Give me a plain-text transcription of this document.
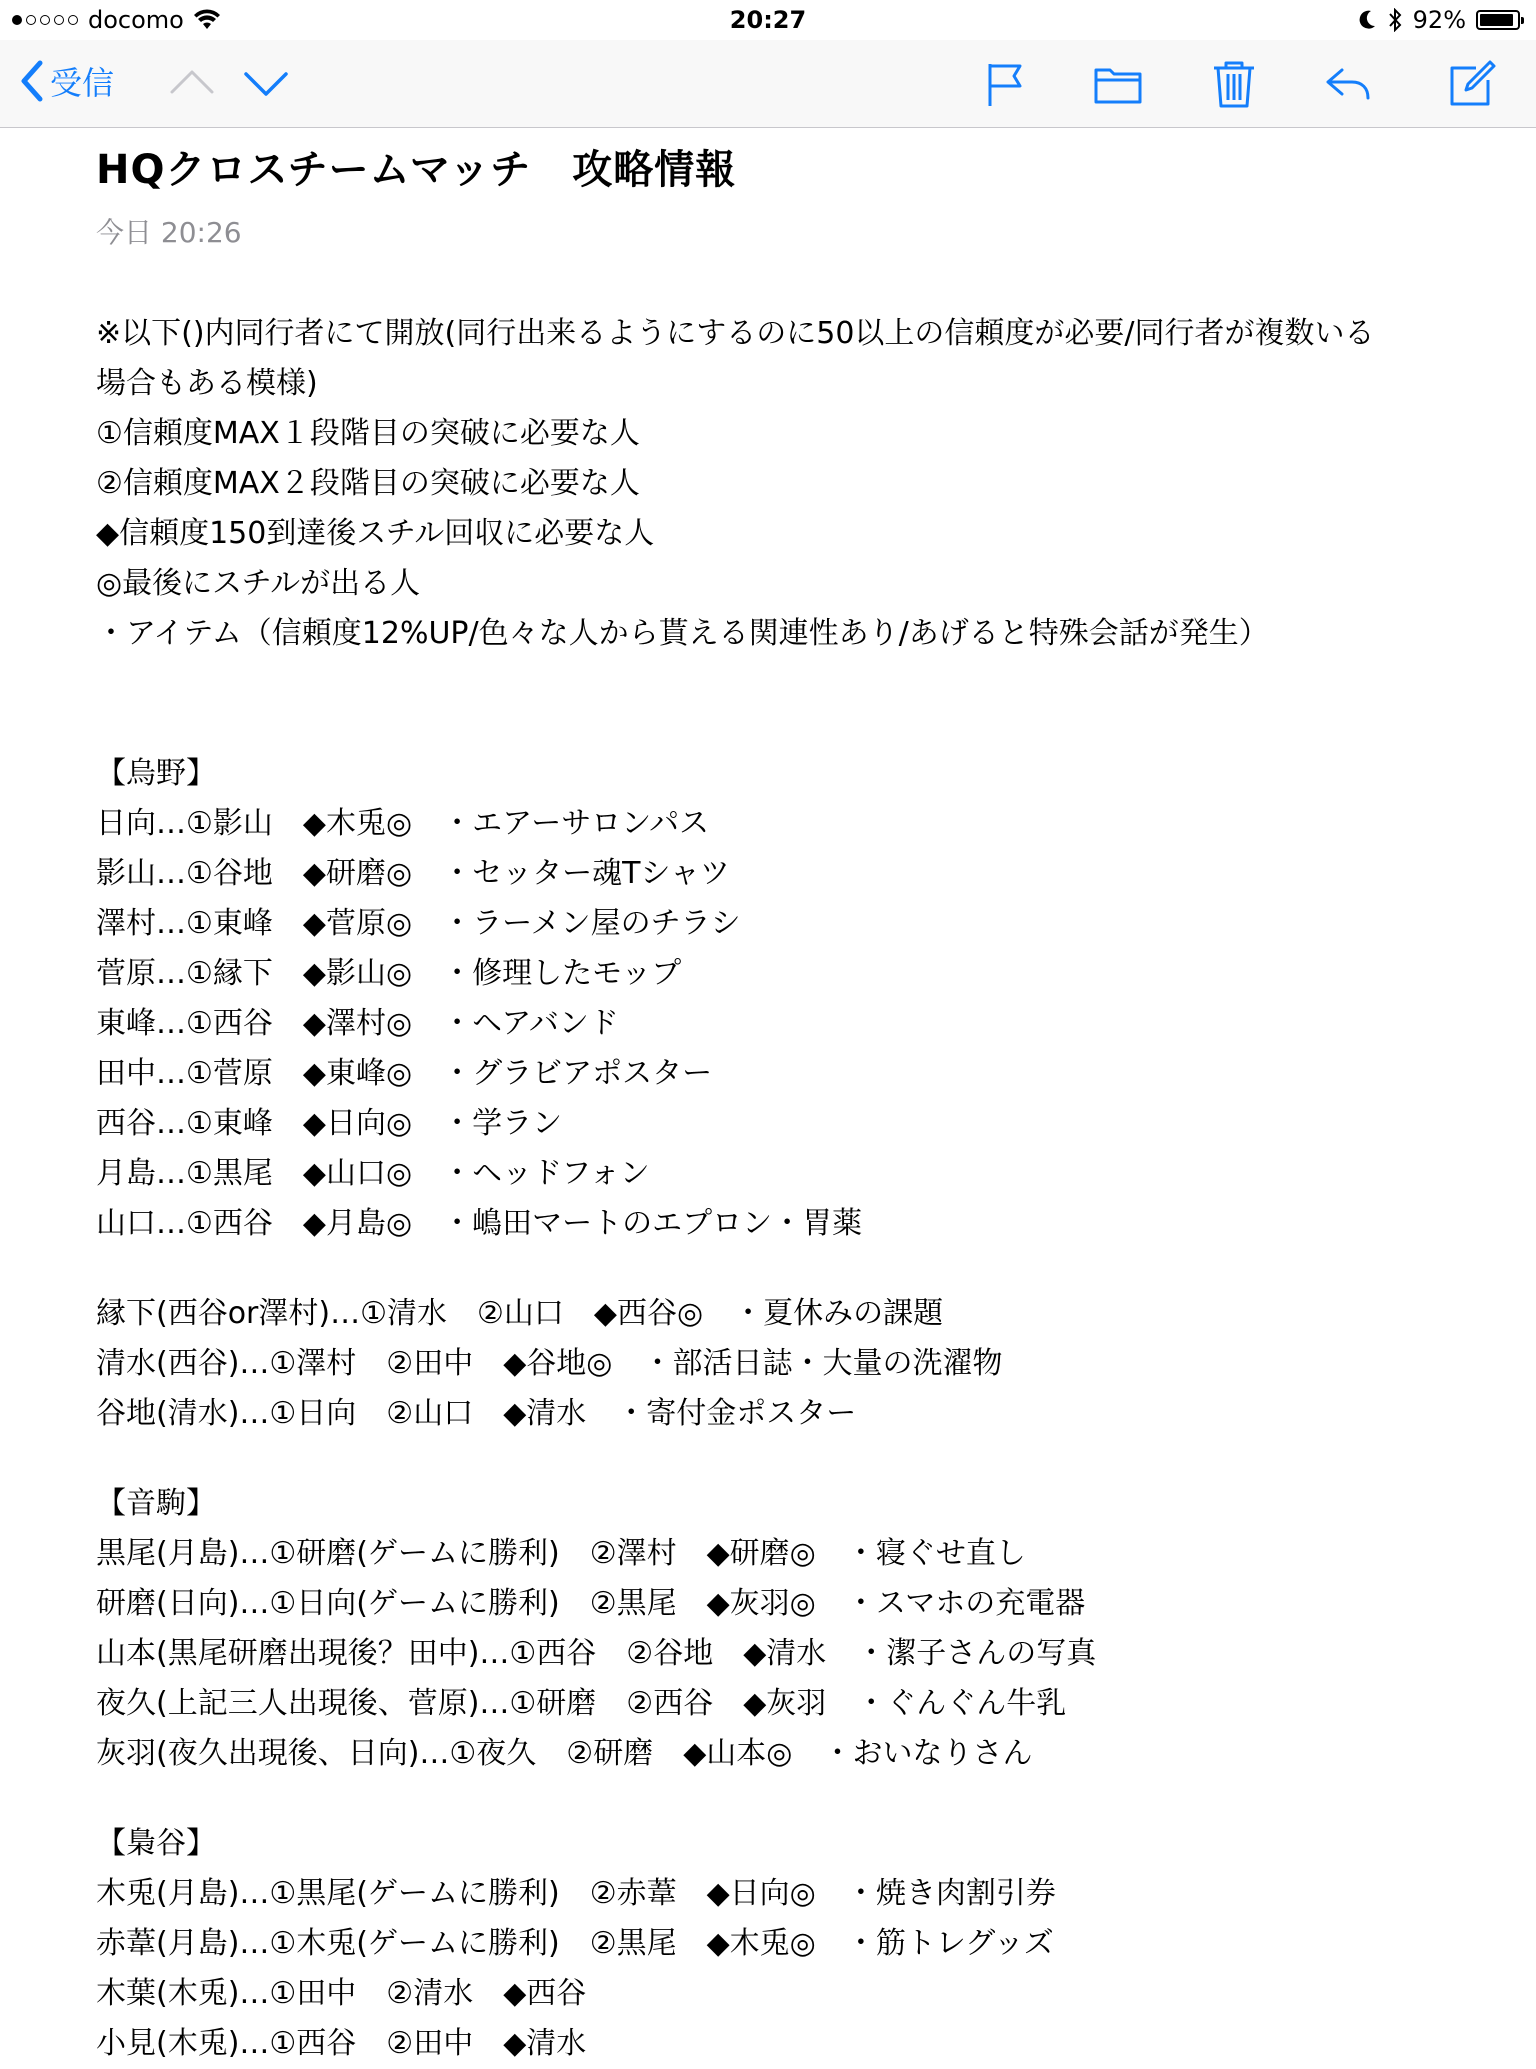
docomo	20:27	92%
受信
HQクロスチームマッチ　攻略情報
今日 20:26
※以下()内同行者にて開放(同行出来るようにするのに50以上の信頼度が必要/同行者が複数いる
場合もある模様)
①信頼度MAX１段階目の突破に必要な人
②信頼度MAX２段階目の突破に必要な人
◆信頼度150到達後スチル回収に必要な人
◎最後にスチルが出る人
・アイテム（信頼度12%UP/色々な人から貰える関連性あり/あげると特殊会話が発生）
【烏野】
日向…①影山　◆木兎◎　・エアーサロンパス
影山…①谷地　◆研磨◎　・セッター魂Tシャツ
澤村…①東峰　◆菅原◎　・ラーメン屋のチラシ
菅原…①縁下　◆影山◎　・修理したモップ
東峰…①西谷　◆澤村◎　・ヘアバンド
田中…①菅原　◆東峰◎　・グラビアポスター
西谷…①東峰　◆日向◎　・学ラン
月島…①黒尾　◆山口◎　・ヘッドフォン
山口…①西谷　◆月島◎　・嶋田マートのエプロン・胃薬
縁下(西谷or澤村)…①清水　②山口　◆西谷◎　・夏休みの課題
清水(西谷)…①澤村　②田中　◆谷地◎　・部活日誌・大量の洗濯物
谷地(清水)…①日向　②山口　◆清水　・寄付金ポスター
【音駒】
黒尾(月島)…①研磨(ゲームに勝利)　②澤村　◆研磨◎　・寝ぐせ直し
研磨(日向)…①日向(ゲームに勝利)　②黒尾　◆灰羽◎　・スマホの充電器
山本(黒尾研磨出現後？田中)…①西谷　②谷地　◆清水　・潔子さんの写真
夜久(上記三人出現後、菅原)…①研磨　②西谷　◆灰羽　・ぐんぐん牛乳
灰羽(夜久出現後、日向)…①夜久　②研磨　◆山本◎　・おいなりさん
【梟谷】
木兎(月島)…①黒尾(ゲームに勝利)　②赤葦　◆日向◎　・焼き肉割引券
赤葦(月島)…①木兎(ゲームに勝利)　②黒尾　◆木兎◎　・筋トレグッズ
木葉(木兎)…①田中　②清水　◆西谷
小見(木兎)…①西谷　②田中　◆清水
